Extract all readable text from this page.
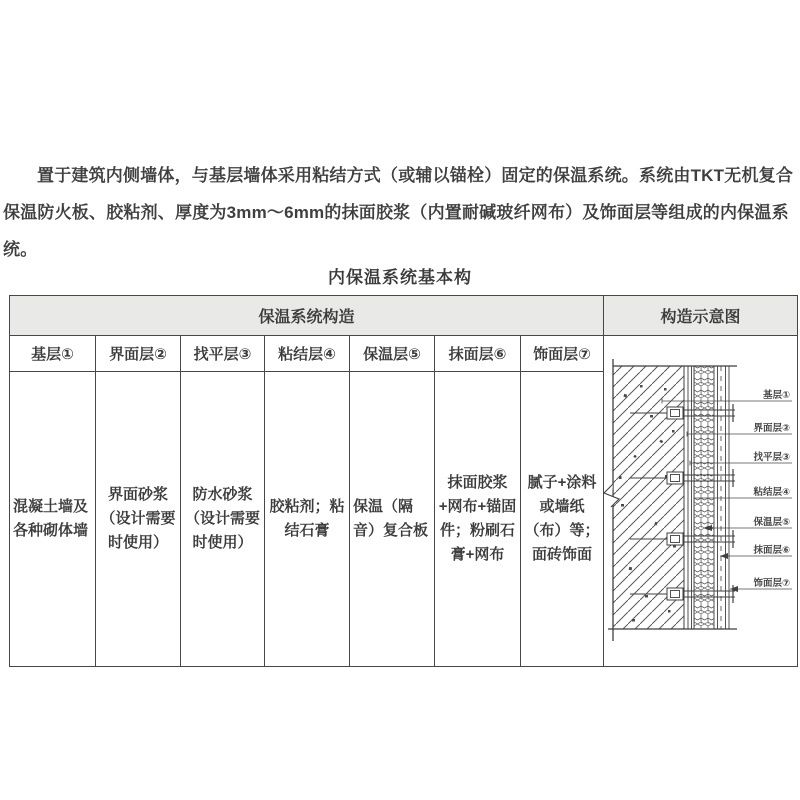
置于建筑内侧墙体，与基层墙体采用粘结方式（或辅以锚栓）固定的保温系统。系统由TKT无机复合保温防火板、胶粘剂、厚度为3mm～6mm的抹面胶浆（内置耐碱玻纤网布）及饰面层等组成的内保温系统。

内保温系统基本构
保温系统构造							构造示意图
基层①	界面层②	找平层③	粘结层④	保温层⑤	抹面层⑥	饰面层⑦	
基层①
界面层②
找平层③
粘结层④
保温层⑤
抹面层⑥
饰面层⑦

混凝土墙及各种砌体墙	界面砂浆（设计需要时使用）	防水砂浆（设计需要时使用）	胶粘剂；粘结石膏	保温（隔音）复合板	抹面胶浆+网布+锚固件；粉刷石膏+网布	腻子+涂料或墙纸（布）等；面砖饰面	
